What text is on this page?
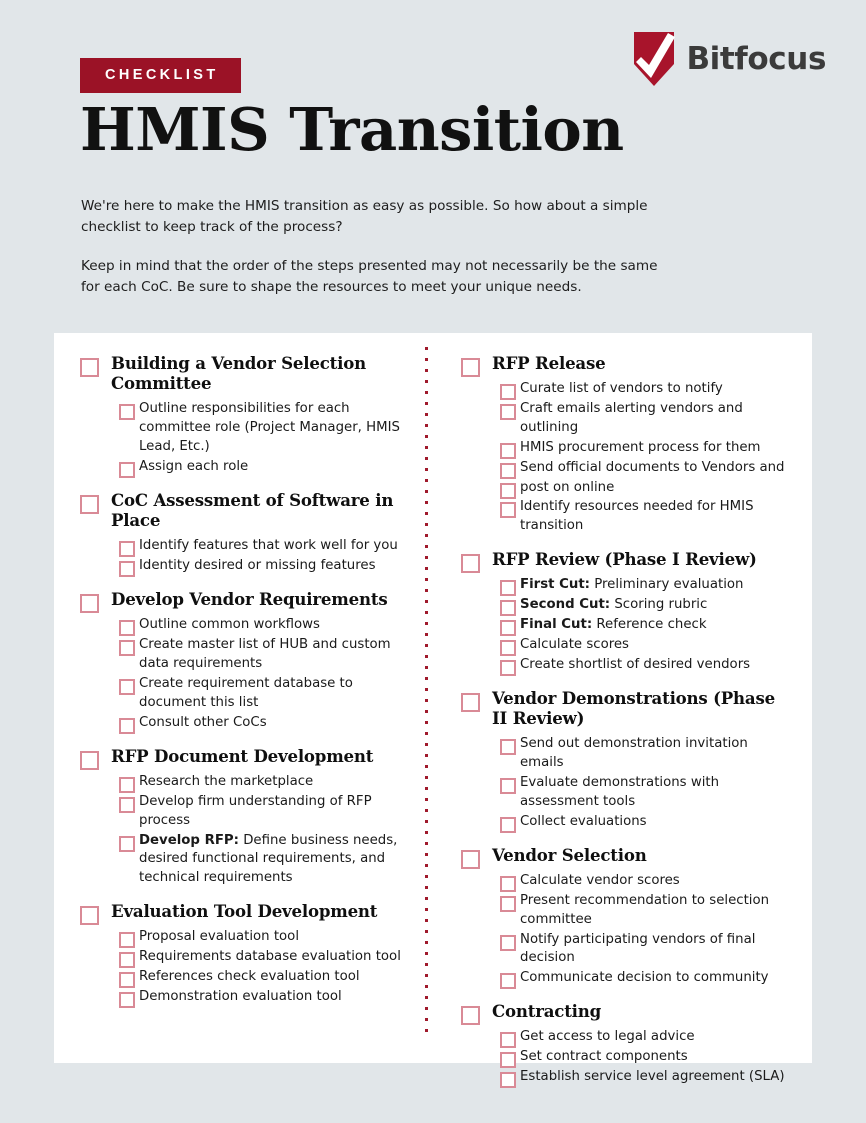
Bitfocus
CHECKLIST
HMIS Transition

We're here to make the HMIS transition as easy as possible. So how about a simple checklist to keep track of the process?

Keep in mind that the order of the steps presented may not necessarily be the same for each CoC. Be sure to shape the resources to meet your unique needs.

Building a Vendor Selection Committee
Outline responsibilities for each committee role (Project Manager, HMIS Lead, Etc.)
Assign each role
CoC Assessment of Software in Place
Identify features that work well for you
Identity desired or missing features
Develop Vendor Requirements
Outline common workflows
Create master list of HUB and custom data requirements
Create requirement database to document this list
Consult other CoCs
RFP Document Development
Research the marketplace
Develop firm understanding of RFP process
Develop RFP: Define business needs, desired functional requirements, and technical requirements
Evaluation Tool Development
Proposal evaluation tool
Requirements database evaluation tool
References check evaluation tool
Demonstration evaluation tool
RFP Release
Curate list of vendors to notify
Craft emails alerting vendors and outlining
HMIS procurement process for them
Send official documents to Vendors and
post on online
Identify resources needed for HMIS transition
RFP Review (Phase I Review)
First Cut: Preliminary evaluation
Second Cut: Scoring rubric
Final Cut: Reference check
Calculate scores
Create shortlist of desired vendors
Vendor Demonstrations (Phase II Review)
Send out demonstration invitation emails
Evaluate demonstrations with assessment tools
Collect evaluations
Vendor Selection
Calculate vendor scores
Present recommendation to selection committee
Notify participating vendors of final decision
Communicate decision to community
Contracting
Get access to legal advice
Set contract components
Establish service level agreement (SLA)
